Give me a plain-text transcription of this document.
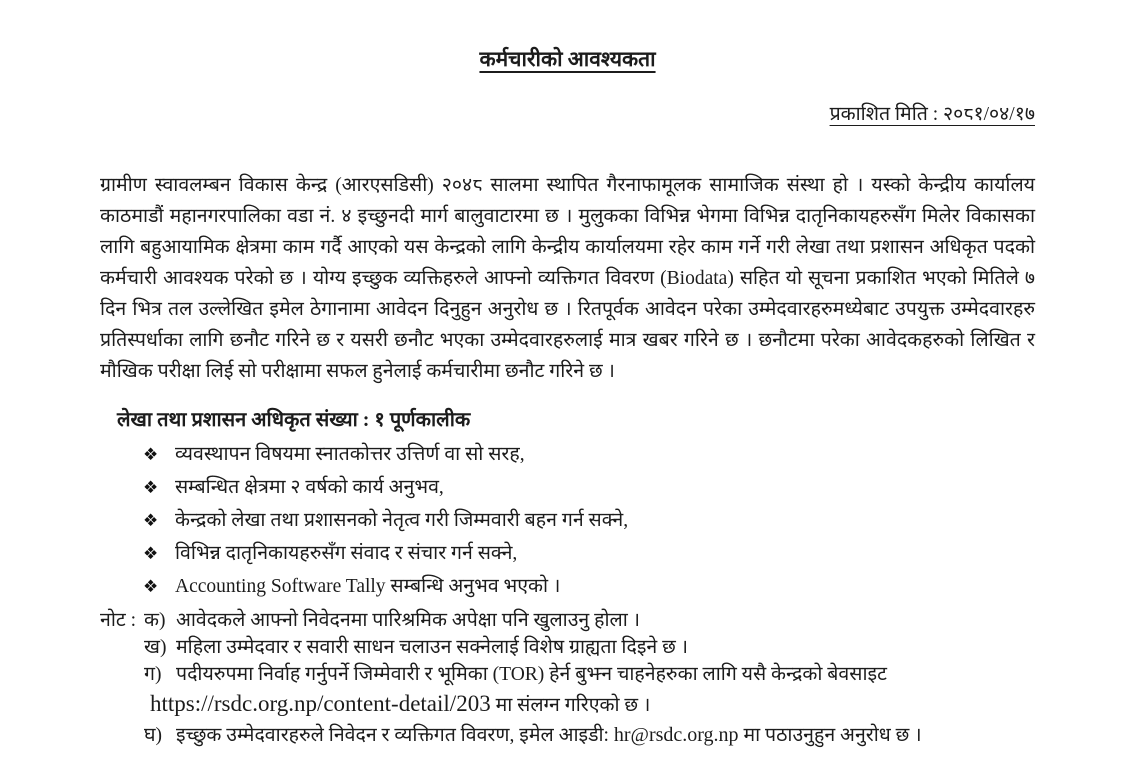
कर्मचारीको आवश्यकता
प्रकाशित मिति : २०८१/०४/१७

ग्रामीण स्वावलम्बन विकास केन्द्र (आरएसडिसी) २०४८ सालमा स्थापित गैरनाफामूलक सामाजिक संस्था हो । यस्को केन्द्रीय कार्यालय काठमाडौं महानगरपालिका वडा नं. ४ इच्छुनदी मार्ग बालुवाटारमा छ । मुलुकका विभिन्न भेगमा विभिन्न दातृनिकायहरुसँग मिलेर विकासका लागि बहुआयामिक क्षेत्रमा काम गर्दै आएको यस केन्द्रको लागि केन्द्रीय कार्यालयमा रहेर काम गर्ने गरी लेखा तथा प्रशासन अधिकृत पदको कर्मचारी आवश्यक परेको छ । योग्य इच्छुक व्यक्तिहरुले आफ्नो व्यक्तिगत विवरण (Biodata) सहित यो सूचना प्रकाशित भएको मितिले ७ दिन भित्र तल उल्लेखित इमेल ठेगानामा आवेदन दिनुहुन अनुरोध छ । रितपूर्वक आवेदन परेका उम्मेदवारहरुमध्येबाट उपयुक्त उम्मेदवारहरु प्रतिस्पर्धाका लागि छनौट गरिने छ र यसरी छनौट भएका उम्मेदवारहरुलाई मात्र खबर गरिने छ । छनौटमा परेका आवेदकहरुको लिखित र मौखिक परीक्षा लिई सो परीक्षामा सफल हुनेलाई कर्मचारीमा छनौट गरिने छ ।

लेखा तथा प्रशासन अधिकृत संख्या : १ पूर्णकालीक
❖ व्यवस्थापन विषयमा स्नातकोत्तर उत्तिर्ण वा सो सरह,
❖ सम्बन्धित क्षेत्रमा २ वर्षको कार्य अनुभव,
❖ केन्द्रको लेखा तथा प्रशासनको नेतृत्व गरी जिम्मवारी बहन गर्न सक्ने,
❖ विभिन्न दातृनिकायहरुसँग संवाद र संचार गर्न सक्ने,
❖ Accounting Software Tally सम्बन्धि अनुभव भएको ।
नोट : क) आवेदकले आफ्नो निवेदनमा पारिश्रमिक अपेक्षा पनि खुलाउनु होला ।
ख) महिला उम्मेदवार र सवारी साधन चलाउन सक्नेलाई विशेष ग्राह्यता दिइने छ ।
ग) पदीयरुपमा निर्वाह गर्नुपर्ने जिम्मेवारी र भूमिका (TOR) हेर्न बुझ्न चाहनेहरुका लागि यसै केन्द्रको बेवसाइट
https://rsdc.org.np/content-detail/203 मा संलग्न गरिएको छ ।
घ) इच्छुक उम्मेदवारहरुले निवेदन र व्यक्तिगत विवरण, इमेल आइडी: hr@rsdc.org.np मा पठाउनुहुन अनुरोध छ ।
